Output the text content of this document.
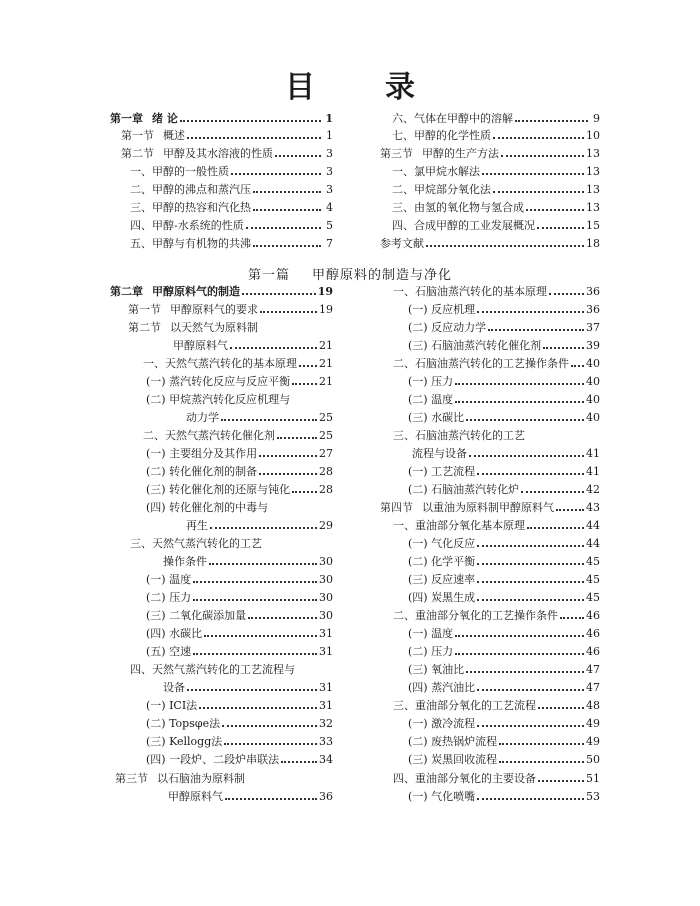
目 录
第一章 绪 论	1
第一节 概述	1
第二节 甲醇及其水溶液的性质	3
一、甲醇的一般性质	3
二、甲醇的沸点和蒸汽压	3
三、甲醇的热容和汽化热	4
四、甲醇-水系统的性质	5
五、甲醇与有机物的共沸	7
六、气体在甲醇中的溶解	9
七、甲醇的化学性质	10
第三节 甲醇的生产方法	13
一、氯甲烷水解法	13
二、甲烷部分氧化法	13
三、由氢的氧化物与氢合成	13
四、合成甲醇的工业发展概况	15
参考文献	18
第一篇 甲醇原料的制造与净化
第二章 甲醇原料气的制造	19
第一节 甲醇原料气的要求	19
第二节 以天然气为原料制
甲醇原料气	21
一、天然气蒸汽转化的基本原理 21
(一) 蒸汽转化反应与反应平衡	21
(二) 甲烷蒸汽转化反应机理与
动力学	25
二、天然气蒸汽转化催化剂	25
(一) 主要组分及其作用	27
(二) 转化催化剂的制备	28
(三) 转化催化剂的还原与钝化	28
(四) 转化催化剂的中毒与
再生	29
三、天然气蒸汽转化的工艺
操作条件	30
(一) 温度	30
(二) 压力	30
(三) 二氧化碳添加量	30
(四) 水碳比	31
(五) 空速	31
四、天然气蒸汽转化的工艺流程与
设备	31
(一) ICI法	31
(二) Topsφe法	32
(三) Kellogg法	33
(四) 一段炉、二段炉串联法	34
第三节 以石脑油为原料制
甲醇原料气	36
一、石脑油蒸汽转化的基本原理	36
(一) 反应机理	36
(二) 反应动力学	37
(三) 石脑油蒸汽转化催化剂	39
二、石脑油蒸汽转化的工艺操作条件 40
(一) 压力	40
(二) 温度	40
(三) 水碳比	40
三、石脑油蒸汽转化的工艺
流程与设备	41
(一) 工艺流程	41
(二) 石脑油蒸汽转化炉	42
第四节 以重油为原料制甲醇原料气	43
一、重油部分氧化基本原理	44
(一) 气化反应	44
(二) 化学平衡	45
(三) 反应速率	45
(四) 炭黑生成	45
二、重油部分氧化的工艺操作条件	46
(一) 温度	46
(二) 压力	46
(三) 氧油比	47
(四) 蒸汽油比	47
三、重油部分氧化的工艺流程	48
(一) 激冷流程	49
(二) 废热锅炉流程	49
(三) 炭黑回收流程	50
四、重油部分氧化的主要设备	51
(一) 气化喷嘴	53
